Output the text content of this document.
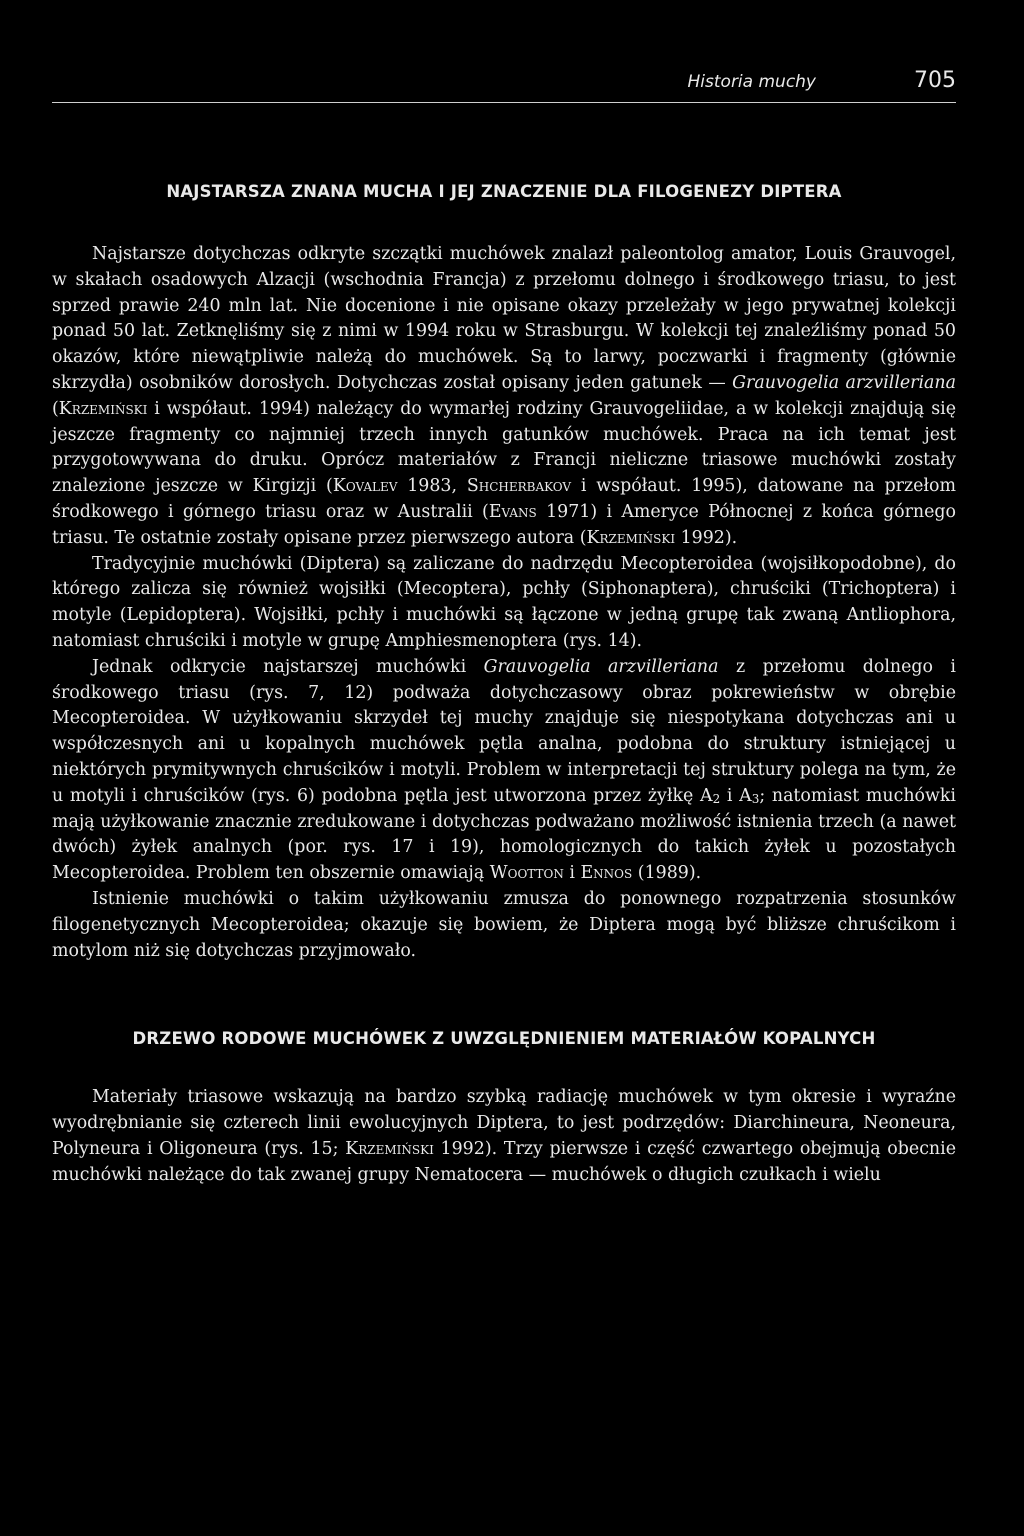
Historia muchy	705
NAJSTARSZA ZNANA MUCHA I JEJ ZNACZENIE DLA FILOGENEZY DIPTERA

Najstarsze dotychczas odkryte szczątki muchówek znalazł paleontolog amator, Louis Grauvogel, w skałach osadowych Alzacji (wschodnia Francja) z przełomu dolnego i środkowego triasu, to jest sprzed prawie 240 mln lat. Nie docenione i nie opisane okazy przeleżały w jego prywatnej kolekcji ponad 50 lat. Zetknęliśmy się z nimi w 1994 roku w Strasburgu. W kolekcji tej znaleźliśmy ponad 50 okazów, które niewątpliwie należą do muchówek. Są to larwy, poczwarki i fragmenty (głównie skrzydła) osobników dorosłych. Dotychczas został opisany jeden gatunek — Grauvogelia arzvilleriana (Krzemiński i współaut. 1994) należący do wymarłej rodziny Grauvogeliidae, a w kolekcji znajdują się jeszcze fragmenty co najmniej trzech innych gatunków muchówek. Praca na ich temat jest przygotowywana do druku. Oprócz materiałów z Francji nieliczne triasowe muchówki zostały znalezione jeszcze w Kirgizji (Kovalev 1983, Shcherbakov i współaut. 1995), datowane na przełom środkowego i górnego triasu oraz w Australii (Evans 1971) i Ameryce Północnej z końca górnego triasu. Te ostatnie zostały opisane przez pierwszego autora (Krzemiński 1992).

Tradycyjnie muchówki (Diptera) są zaliczane do nadrzędu Mecopteroidea (wojsiłkopodobne), do którego zalicza się również wojsiłki (Mecoptera), pchły (Siphonaptera), chruściki (Trichoptera) i motyle (Lepidoptera). Wojsiłki, pchły i muchówki są łączone w jedną grupę tak zwaną Antliophora, natomiast chruściki i motyle w grupę Amphiesmenoptera (rys. 14).

Jednak odkrycie najstarszej muchówki Grauvogelia arzvilleriana z przełomu dolnego i środkowego triasu (rys. 7, 12) podważa dotychczasowy obraz pokrewieństw w obrębie Mecopteroidea. W użyłkowaniu skrzydeł tej muchy znajduje się niespotykana dotychczas ani u współczesnych ani u kopalnych muchówek pętla analna, podobna do struktury istniejącej u niektórych prymitywnych chruścików i motyli. Problem w interpretacji tej struktury polega na tym, że u motyli i chruścików (rys. 6) podobna pętla jest utworzona przez żyłkę $A_2$ i $A_3$; natomiast muchówki mają użyłkowanie znacznie zredukowane i dotychczas podważano możliwość istnienia trzech (a nawet dwóch) żyłek analnych (por. rys. 17 i 19), homologicznych do takich żyłek u pozostałych Mecopteroidea. Problem ten obszernie omawiają Wootton i Ennos (1989).

Istnienie muchówki o takim użyłkowaniu zmusza do ponownego rozpatrzenia stosunków filogenetycznych Mecopteroidea; okazuje się bowiem, że Diptera mogą być bliższe chruścikom i motylom niż się dotychczas przyjmowało.

DRZEWO RODOWE MUCHÓWEK Z UWZGLĘDNIENIEM MATERIAŁÓW KOPALNYCH

Materiały triasowe wskazują na bardzo szybką radiację muchówek w tym okresie i wyraźne wyodrębnianie się czterech linii ewolucyjnych Diptera, to jest podrzędów: Diarchineura, Neoneura, Polyneura i Oligoneura (rys. 15; Krzemiński 1992). Trzy pierwsze i część czwartego obejmują obecnie muchówki należące do tak zwanej grupy Nematocera — muchówek o długich czułkach i wielu
